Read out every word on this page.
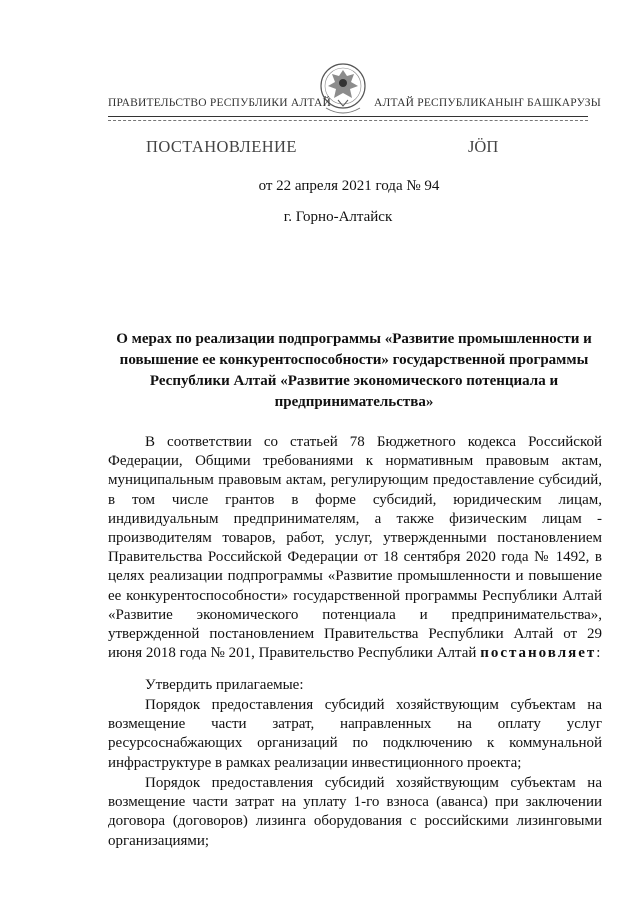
ПРАВИТЕЛЬСТВО РЕСПУБЛИКИ АЛТАЙ	АЛТАЙ РЕСПУБЛИКАНЫҤ БАШКАРУЗЫ
ПОСТАНОВЛЕНИЕ	ЈÖП
от 22 апреля 2021 года № 94
г. Горно-Алтайск
О мерах по реализации подпрограммы «Развитие промышленности и повышение ее конкурентоспособности» государственной программы Республики Алтай «Развитие экономического потенциала и предпринимательства»
В соответствии со статьей 78 Бюджетного кодекса Российской Федерации, Общими требованиями к нормативным правовым актам, муниципальным правовым актам, регулирующим предоставление субсидий, в том числе грантов в форме субсидий, юридическим лицам, индивидуальным предпринимателям, а также физическим лицам - производителям товаров, работ, услуг, утвержденными постановлением Правительства Российской Федерации от 18 сентября 2020 года № 1492, в целях реализации подпрограммы «Развитие промышленности и повышение ее конкурентоспособности» государственной программы Республики Алтай «Развитие экономического потенциала и предпринимательства», утвержденной постановлением Правительства Республики Алтай от 29 июня 2018 года № 201, Правительство Республики Алтай постановляет:
Утвердить прилагаемые:
Порядок предоставления субсидий хозяйствующим субъектам на возмещение части затрат, направленных на оплату услуг ресурсоснабжающих организаций по подключению к коммунальной инфраструктуре в рамках реализации инвестиционного проекта;
Порядок предоставления субсидий хозяйствующим субъектам на возмещение части затрат на уплату 1-го взноса (аванса) при заключении договора (договоров) лизинга оборудования с российскими лизинговыми организациями;
